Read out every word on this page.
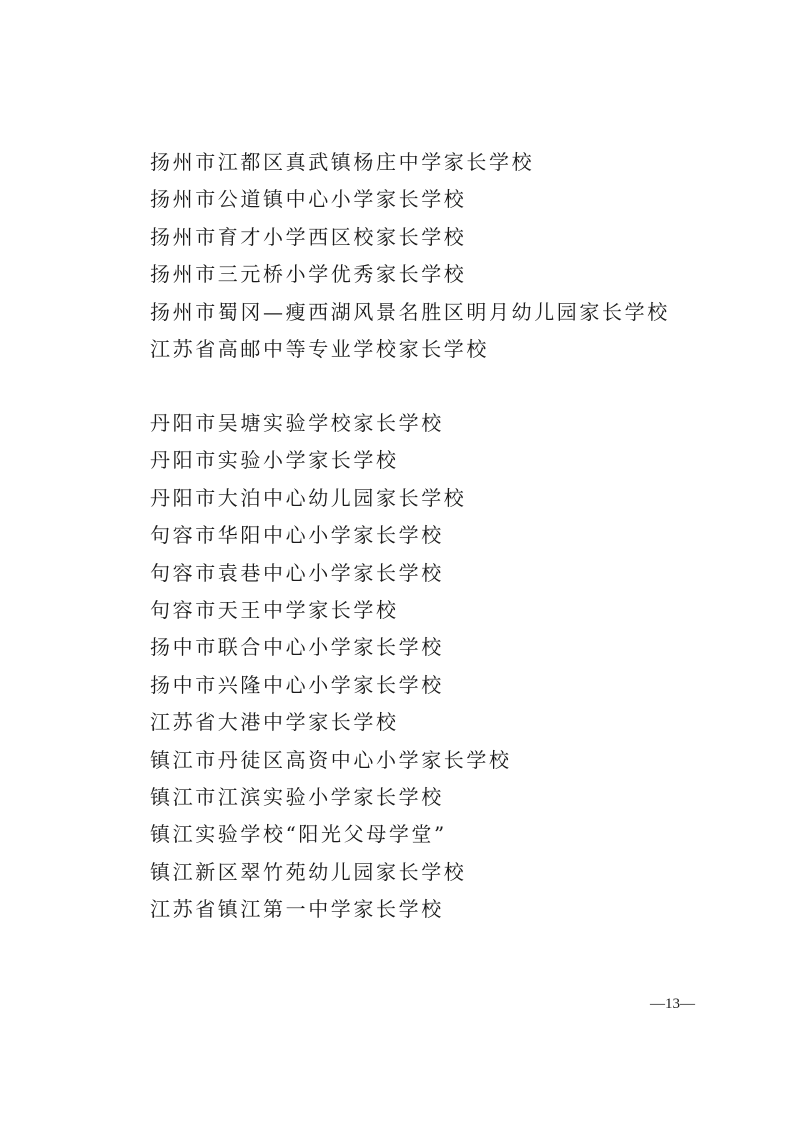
扬州市江都区真武镇杨庄中学家长学校
扬州市公道镇中心小学家长学校
扬州市育才小学西区校家长学校
扬州市三元桥小学优秀家长学校
扬州市蜀冈—瘦西湖风景名胜区明月幼儿园家长学校
江苏省高邮中等专业学校家长学校
丹阳市吴塘实验学校家长学校
丹阳市实验小学家长学校
丹阳市大泊中心幼儿园家长学校
句容市华阳中心小学家长学校
句容市袁巷中心小学家长学校
句容市天王中学家长学校
扬中市联合中心小学家长学校
扬中市兴隆中心小学家长学校
江苏省大港中学家长学校
镇江市丹徒区高资中心小学家长学校
镇江市江滨实验小学家长学校
镇江实验学校“阳光父母学堂”
镇江新区翠竹苑幼儿园家长学校
江苏省镇江第一中学家长学校
—13—
